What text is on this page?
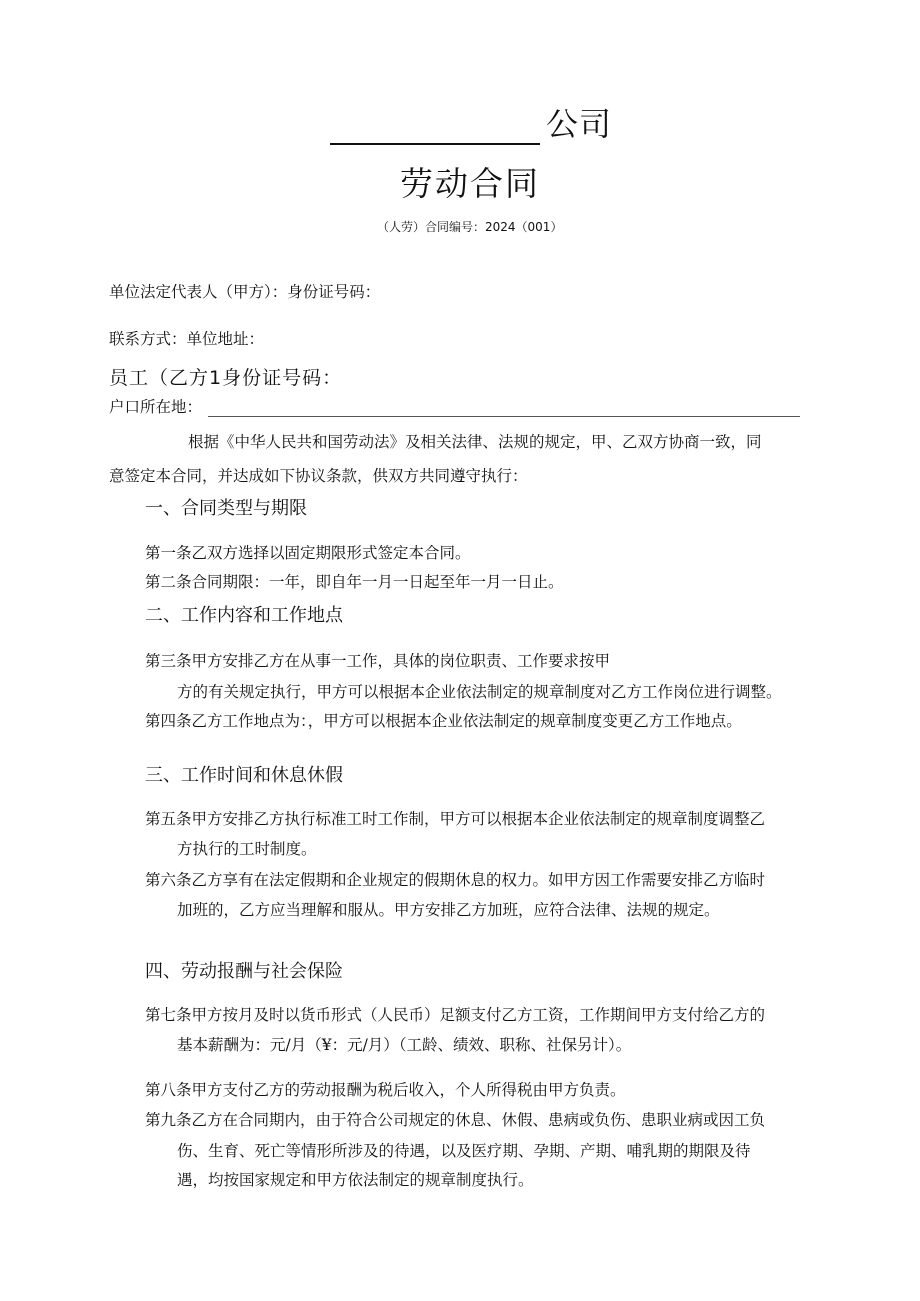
公司
劳动合同
（人劳）合同编号：2024（001）
单位法定代表人（甲方）：身份证号码：
联系方式：单位地址：
员工（乙方1身份证号码：
户口所在地：
根据《中华人民共和国劳动法》及相关法律、法规的规定，甲、乙双方协商一致，同
意签定本合同，并达成如下协议条款，供双方共同遵守执行：
一、合同类型与期限
第一条乙双方选择以固定期限形式签定本合同。
第二条合同期限：一年，即自年一月一日起至年一月一日止。
二、工作内容和工作地点
第三条甲方安排乙方在从事一工作，具体的岗位职责、工作要求按甲
方的有关规定执行，甲方可以根据本企业依法制定的规章制度对乙方工作岗位进行调整。
第四条乙方工作地点为：，甲方可以根据本企业依法制定的规章制度变更乙方工作地点。
三、工作时间和休息休假
第五条甲方安排乙方执行标准工时工作制，甲方可以根据本企业依法制定的规章制度调整乙
方执行的工时制度。
第六条乙方享有在法定假期和企业规定的假期休息的权力。如甲方因工作需要安排乙方临时
加班的，乙方应当理解和服从。甲方安排乙方加班，应符合法律、法规的规定。
四、劳动报酬与社会保险
第七条甲方按月及时以货币形式（人民币）足额支付乙方工资，工作期间甲方支付给乙方的
基本薪酬为：元/月（¥：元/月）（工龄、绩效、职称、社保另计）。
第八条甲方支付乙方的劳动报酬为税后收入，个人所得税由甲方负责。
第九条乙方在合同期内，由于符合公司规定的休息、休假、患病或负伤、患职业病或因工负
伤、生育、死亡等情形所涉及的待遇，以及医疗期、孕期、产期、哺乳期的期限及待
遇，均按国家规定和甲方依法制定的规章制度执行。
